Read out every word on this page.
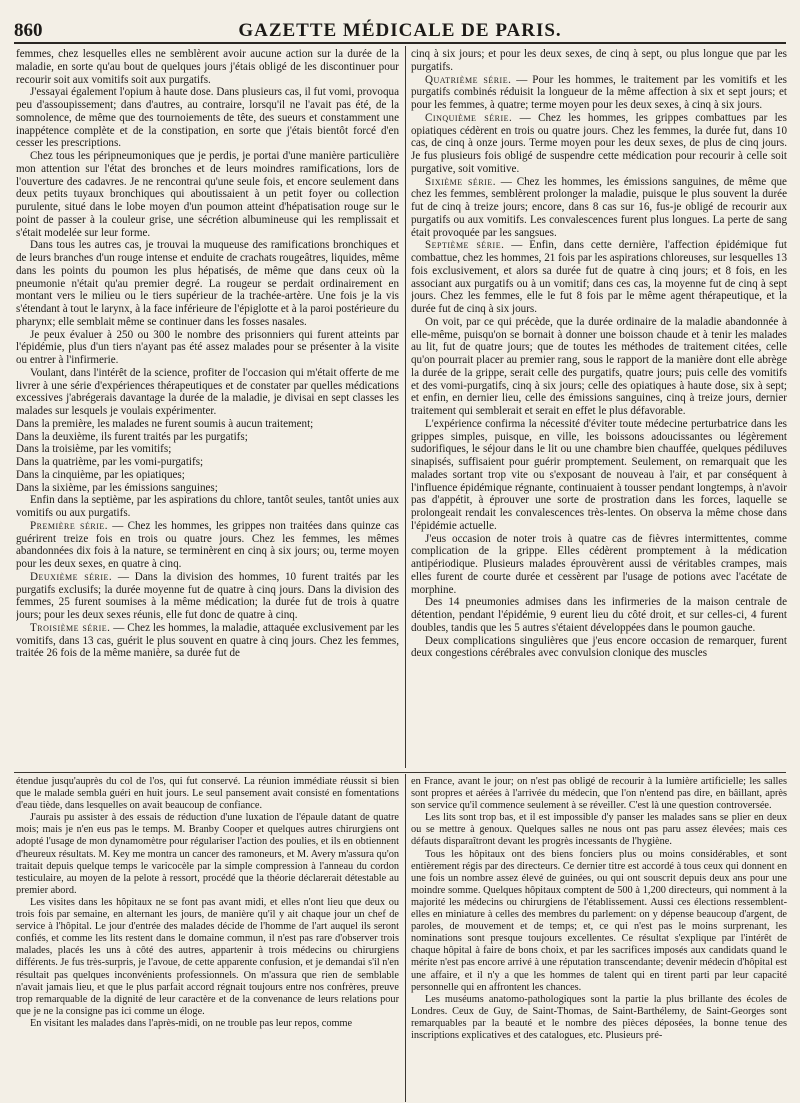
860	GAZETTE MÉDICALE DE PARIS.

femmes, chez lesquelles elles ne semblèrent avoir aucune action sur la durée de la maladie, en sorte qu'au bout de quelques jours j'étais obligé de les discontinuer pour recourir soit aux vomitifs soit aux purgatifs.

J'essayai également l'opium à haute dose. Dans plusieurs cas, il fut vomi, provoqua peu d'assoupissement; dans d'autres, au contraire, lorsqu'il ne l'avait pas été, de la somnolence, de même que des tournoiements de tête, des sueurs et constamment une inappétence complète et de la constipation, en sorte que j'étais bientôt forcé d'en cesser les prescriptions.

Chez tous les péripneumoniques que je perdis, je portai d'une manière particulière mon attention sur l'état des bronches et de leurs moindres ramifications, lors de l'ouverture des cadavres. Je ne rencontrai qu'une seule fois, et encore seulement dans deux petits tuyaux bronchiques qui aboutissaient à un petit foyer ou collection purulente, situé dans le lobe moyen d'un poumon atteint d'hépatisation rouge sur le point de passer à la couleur grise, une sécrétion albumineuse qui les remplissait et s'était modelée sur leur forme.

Dans tous les autres cas, je trouvai la muqueuse des ramifications bronchiques et de leurs branches d'un rouge intense et enduite de crachats rougeâtres, liquides, même dans les points du poumon les plus hépatisés, de même que dans ceux où la pneumonie n'était qu'au premier degré. La rougeur se perdait ordinairement en montant vers le milieu ou le tiers supérieur de la trachée-artère. Une fois je la vis s'étendant à tout le larynx, à la face inférieure de l'épiglotte et à la paroi postérieure du pharynx; elle semblait même se continuer dans les fosses nasales.

Je peux évaluer à 250 ou 300 le nombre des prisonniers qui furent atteints par l'épidémie, plus d'un tiers n'ayant pas été assez malades pour se présenter à la visite ou entrer à l'infirmerie.

Voulant, dans l'intérêt de la science, profiter de l'occasion qui m'était offerte de me livrer à une série d'expériences thérapeutiques et de constater par quelles médications excessives j'abrégerais davantage la durée de la maladie, je divisai en sept classes les malades sur lesquels je voulais expérimenter.

Dans la première, les malades ne furent soumis à aucun traitement;

Dans la deuxième, ils furent traités par les purgatifs;

Dans la troisième, par les vomitifs;

Dans la quatrième, par les vomi-purgatifs;

Dans la cinquième, par les opiatiques;

Dans la sixième, par les émissions sanguines;

Enfin dans la septième, par les aspirations du chlore, tantôt seules, tantôt unies aux vomitifs ou aux purgatifs.

Première série. — Chez les hommes, les grippes non traitées dans quinze cas guérirent treize fois en trois ou quatre jours. Chez les femmes, les mêmes abandonnées dix fois à la nature, se terminèrent en cinq à six jours; ou, terme moyen pour les deux sexes, en quatre à cinq.

Deuxième série. — Dans la division des hommes, 10 furent traités par les purgatifs exclusifs; la durée moyenne fut de quatre à cinq jours. Dans la division des femmes, 25 furent soumises à la même médication; la durée fut de trois à quatre jours; pour les deux sexes réunis, elle fut donc de quatre à cinq.

Troisième série. — Chez les hommes, la maladie, attaquée exclusivement par les vomitifs, dans 13 cas, guérit le plus souvent en quatre à cinq jours. Chez les femmes, traitée 26 fois de la même manière, sa durée fut de

cinq à six jours; et pour les deux sexes, de cinq à sept, ou plus longue que par les purgatifs.

Quatrième série. — Pour les hommes, le traitement par les vomitifs et les purgatifs combinés réduisit la longueur de la même affection à six et sept jours; et pour les femmes, à quatre; terme moyen pour les deux sexes, à cinq à six jours.

Cinquième série. — Chez les hommes, les grippes combattues par les opiatiques cédèrent en trois ou quatre jours. Chez les femmes, la durée fut, dans 10 cas, de cinq à onze jours. Terme moyen pour les deux sexes, de plus de cinq jours. Je fus plusieurs fois obligé de suspendre cette médication pour recourir à celle soit purgative, soit vomitive.

Sixième série. — Chez les hommes, les émissions sanguines, de même que chez les femmes, semblèrent prolonger la maladie, puisque le plus souvent la durée fut de cinq à treize jours; encore, dans 8 cas sur 16, fus-je obligé de recourir aux purgatifs ou aux vomitifs. Les convalescences furent plus longues. La perte de sang était provoquée par les sangsues.

Septième série. — Enfin, dans cette dernière, l'affection épidémique fut combattue, chez les hommes, 21 fois par les aspirations chloreuses, sur lesquelles 13 fois exclusivement, et alors sa durée fut de quatre à cinq jours; et 8 fois, en les associant aux purgatifs ou à un vomitif; dans ces cas, la moyenne fut de cinq à sept jours. Chez les femmes, elle le fut 8 fois par le même agent thérapeutique, et la durée fut de cinq à six jours.

On voit, par ce qui précède, que la durée ordinaire de la maladie abandonnée à elle-même, puisqu'on se bornait à donner une boisson chaude et à tenir les malades au lit, fut de quatre jours; que de toutes les méthodes de traitement citées, celle qu'on pourrait placer au premier rang, sous le rapport de la manière dont elle abrège la durée de la grippe, serait celle des purgatifs, quatre jours; puis celle des vomitifs et des vomi-purgatifs, cinq à six jours; celle des opiatiques à haute dose, six à sept; et enfin, en dernier lieu, celle des émissions sanguines, cinq à treize jours, dernier traitement qui semblerait et serait en effet le plus défavorable.

L'expérience confirma la nécessité d'éviter toute médecine perturbatrice dans les grippes simples, puisque, en ville, les boissons adoucissantes ou légèrement sudorifiques, le séjour dans le lit ou une chambre bien chauffée, quelques pédiluves sinapisés, suffisaient pour guérir promptement. Seulement, on remarquait que les malades sortant trop vite ou s'exposant de nouveau à l'air, et par conséquent à l'influence épidémique régnante, continuaient à tousser pendant longtemps, à n'avoir pas d'appétit, à éprouver une sorte de prostration dans les forces, laquelle se prolongeait rendait les convalescences très-lentes. On observa la même chose dans l'épidémie actuelle.

J'eus occasion de noter trois à quatre cas de fièvres intermittentes, comme complication de la grippe. Elles cédèrent promptement à la médication antipériodique. Plusieurs malades éprouvèrent aussi de véritables crampes, mais elles furent de courte durée et cessèrent par l'usage de potions avec l'acétate de morphine.

Des 14 pneumonies admises dans les infirmeries de la maison centrale de détention, pendant l'épidémie, 9 eurent lieu du côté droit, et sur celles-ci, 4 furent doubles, tandis que les 5 autres s'étaient développées dans le poumon gauche.

Deux complications singulières que j'eus encore occasion de remarquer, furent deux congestions cérébrales avec convulsion clonique des muscles

étendue jusqu'auprès du col de l'os, qui fut conservé. La réunion immédiate réussit si bien que le malade sembla guéri en huit jours. Le seul pansement avait consisté en fomentations d'eau tiède, dans lesquelles on avait beaucoup de confiance.

J'aurais pu assister à des essais de réduction d'une luxation de l'épaule datant de quatre mois; mais je n'en eus pas le temps. M. Branby Cooper et quelques autres chirurgiens ont adopté l'usage de mon dynamomètre pour régulariser l'action des poulies, et ils en obtiennent d'heureux résultats. M. Key me montra un cancer des ramoneurs, et M. Avery m'assura qu'on traitait depuis quelque temps le varicocèle par la simple compression à l'anneau du cordon testiculaire, au moyen de la pelote à ressort, procédé que la théorie déclarerait détestable au premier abord.

Les visites dans les hôpitaux ne se font pas avant midi, et elles n'ont lieu que deux ou trois fois par semaine, en alternant les jours, de manière qu'il y ait chaque jour un chef de service à l'hôpital. Le jour d'entrée des malades décide de l'homme de l'art auquel ils seront confiés, et comme les lits restent dans le domaine commun, il n'est pas rare d'observer trois malades, placés les uns à côté des autres, appartenir à trois médecins ou chirurgiens différents. Je fus très-surpris, je l'avoue, de cette apparente confusion, et je demandai s'il n'en résultait pas quelques inconvénients professionnels. On m'assura que rien de semblable n'avait jamais lieu, et que le plus parfait accord régnait toujours entre nos confrères, preuve trop remarquable de la dignité de leur caractère et de la convenance de leurs relations pour que je ne la consigne pas ici comme un éloge.

En visitant les malades dans l'après-midi, on ne trouble pas leur repos, comme

en France, avant le jour; on n'est pas obligé de recourir à la lumière artificielle; les salles sont propres et aérées à l'arrivée du médecin, que l'on n'entend pas dire, en bâillant, après son service qu'il commence seulement à se réveiller. C'est là une question controversée.

Les lits sont trop bas, et il est impossible d'y panser les malades sans se plier en deux ou se mettre à genoux. Quelques salles ne nous ont pas paru assez élevées; mais ces défauts disparaîtront devant les progrès incessants de l'hygiène.

Tous les hôpitaux ont des biens fonciers plus ou moins considérables, et sont entièrement régis par des directeurs. Ce dernier titre est accordé à tous ceux qui donnent en une fois un nombre assez élevé de guinées, ou qui ont souscrit depuis deux ans pour une moindre somme. Quelques hôpitaux comptent de 500 à 1,200 directeurs, qui nomment à la majorité les médecins ou chirurgiens de l'établissement. Aussi ces élections ressemblent-elles en miniature à celles des membres du parlement: on y dépense beaucoup d'argent, de paroles, de mouvement et de temps; et, ce qui n'est pas le moins surprenant, les nominations sont presque toujours excellentes. Ce résultat s'explique par l'intérêt de chaque hôpital à faire de bons choix, et par les sacrifices imposés aux candidats quand le mérite n'est pas encore arrivé à une réputation transcendante; devenir médecin d'hôpital est une affaire, et il n'y a que les hommes de talent qui en tirent parti par leur capacité personnelle qui en affrontent les chances.

Les muséums anatomo-pathologiques sont la partie la plus brillante des écoles de Londres. Ceux de Guy, de Saint-Thomas, de Saint-Barthélemy, de Saint-Georges sont remarquables par la beauté et le nombre des pièces déposées, la bonne tenue des inscriptions explicatives et des catalogues, etc. Plusieurs pré-
